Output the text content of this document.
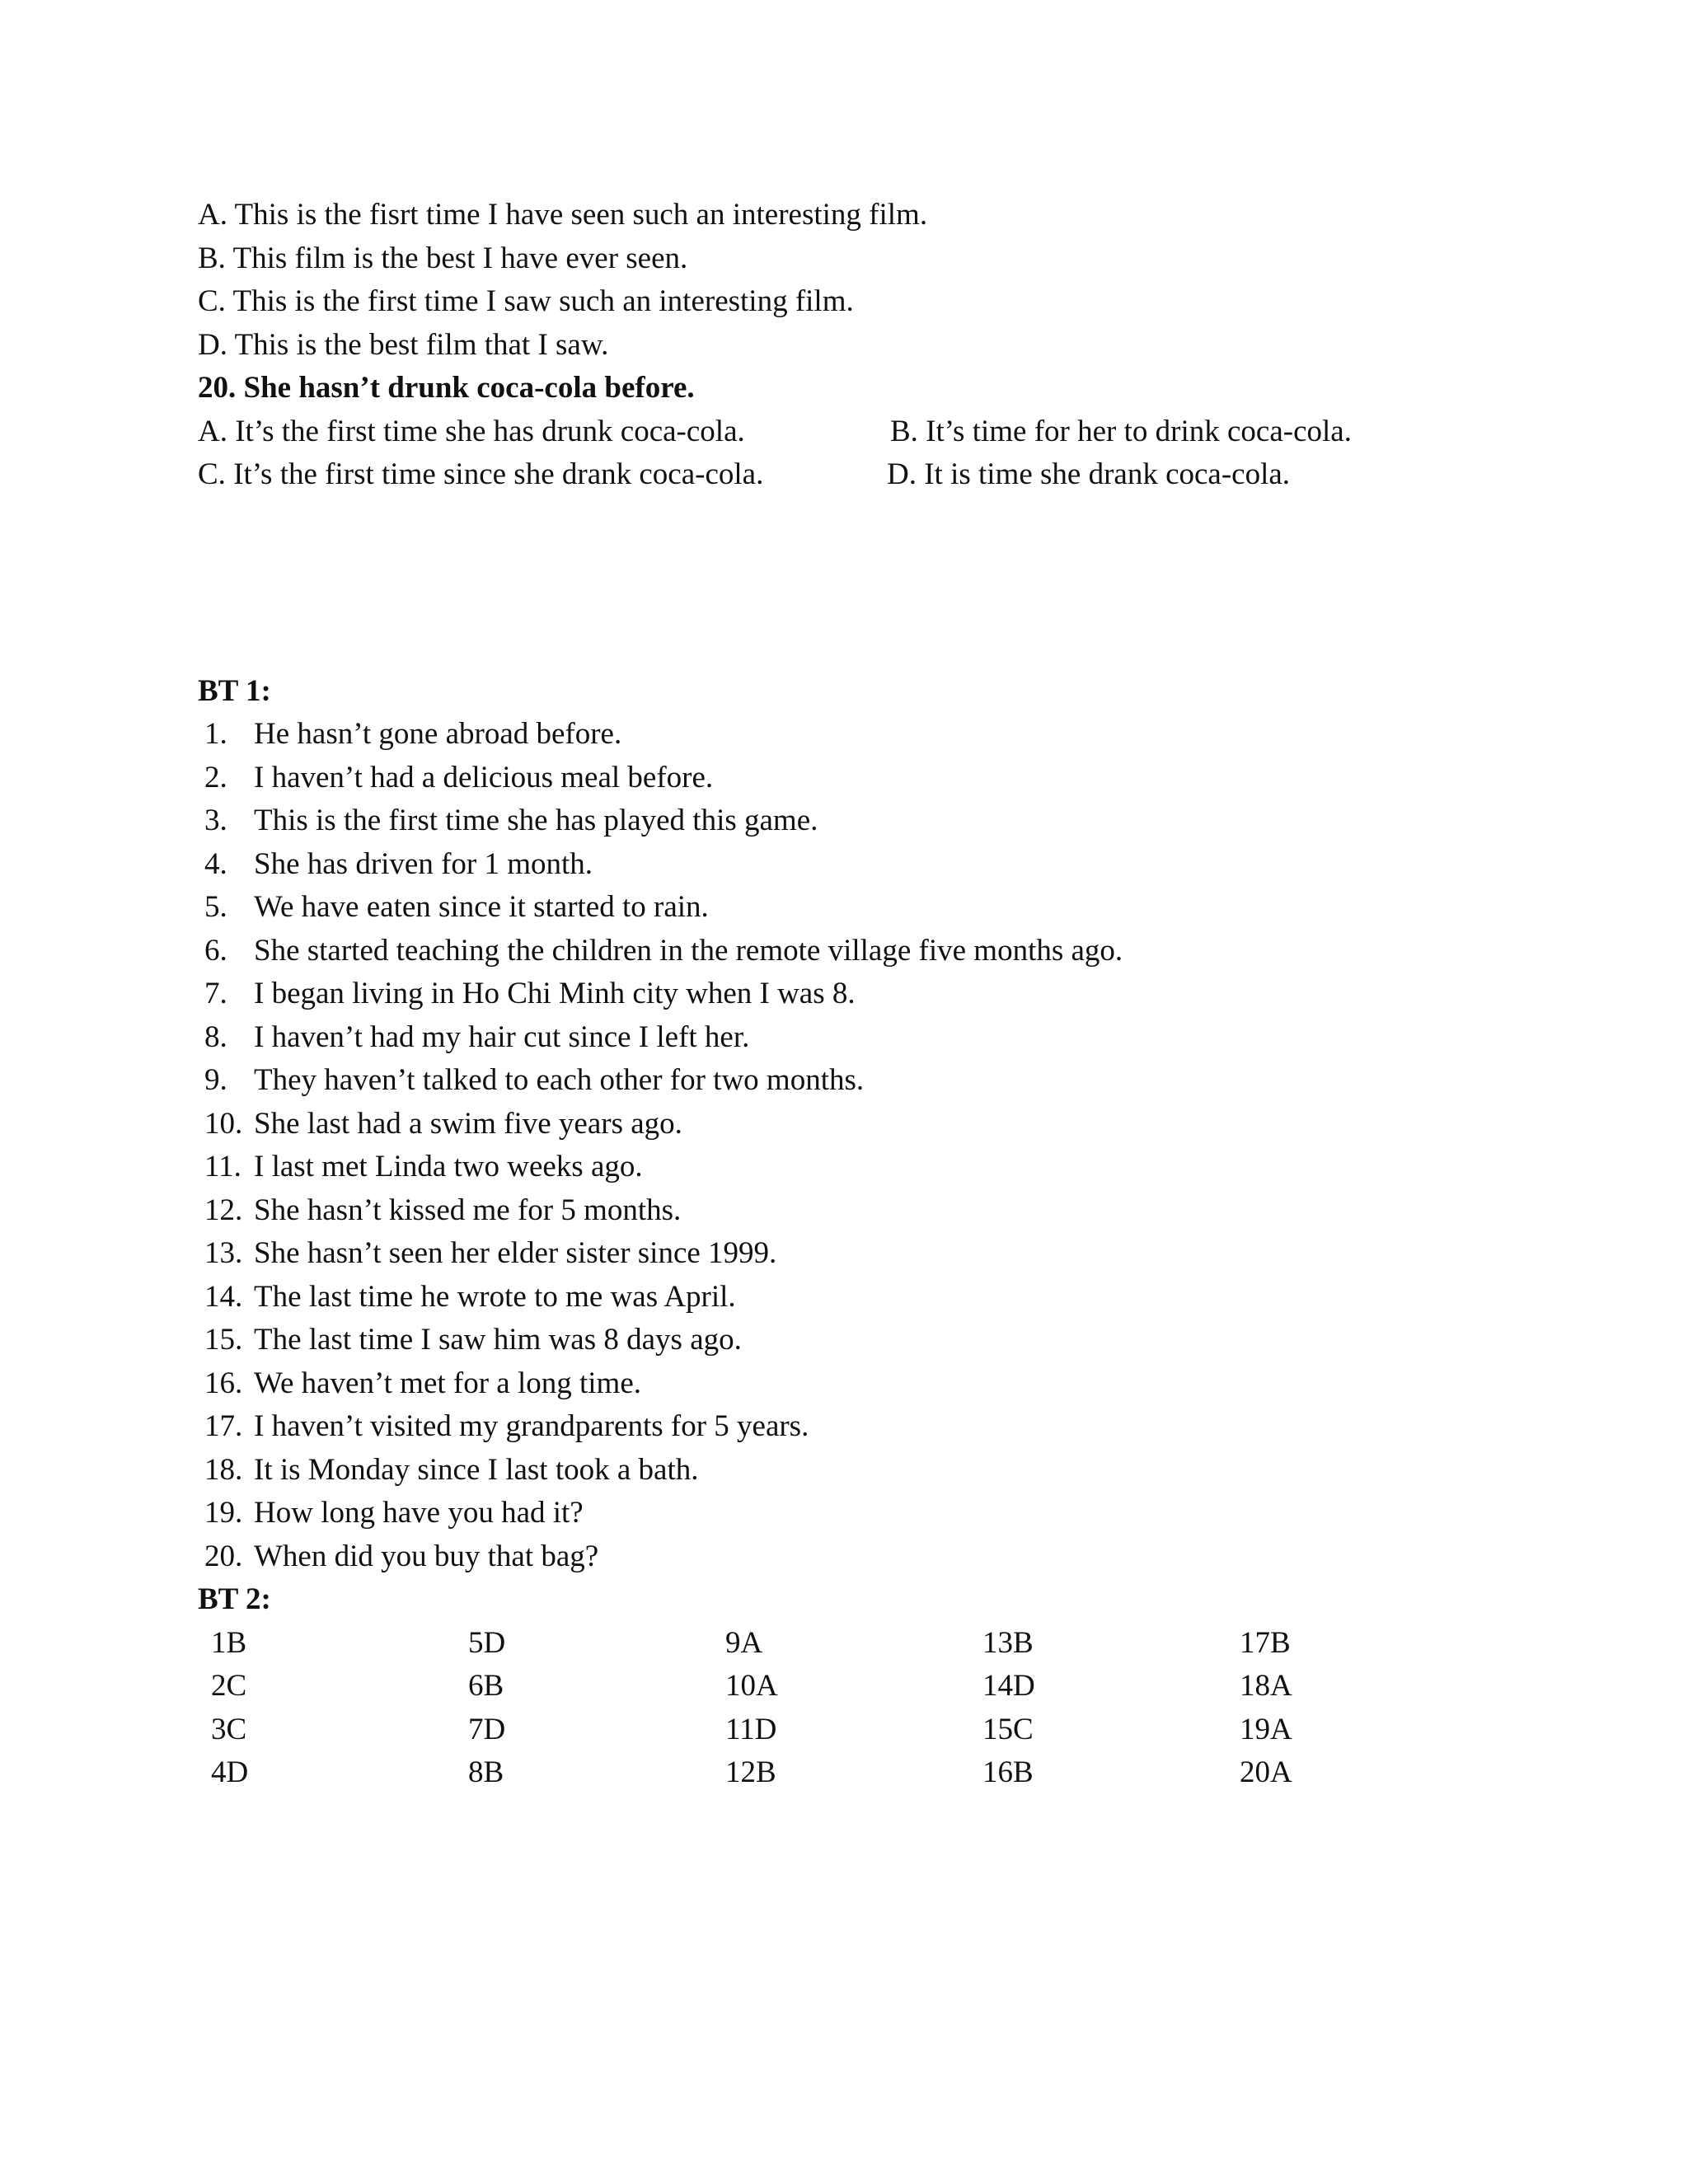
A. This is the fisrt time I have seen such an interesting film.
B. This film is the best I have ever seen.
C. This is the first time I saw such an interesting film.
D. This is the best film that I saw.
20. She hasn’t drunk coca-cola before.
A. It’s the first time she has drunk coca-cola.	B. It’s time for her to drink coca-cola.
C. It’s the first time since she drank coca-cola.	D. It is time she drank coca-cola.
BT 1:
1. He hasn’t gone abroad before.
2. I haven’t had a delicious meal before.
3. This is the first time she has played this game.
4. She has driven for 1 month.
5. We have eaten since it started to rain.
6. She started teaching the children in the remote village five months ago.
7. I began living in Ho Chi Minh city when I was 8.
8. I haven’t had my hair cut since I left her.
9. They haven’t talked to each other for two months.
10. She last had a swim five years ago.
11. I last met Linda two weeks ago.
12. She hasn’t kissed me for 5 months.
13. She hasn’t seen her elder sister since 1999.
14. The last time he wrote to me was April.
15. The last time I saw him was 8 days ago.
16. We haven’t met for a long time.
17. I haven’t visited my grandparents for 5 years.
18. It is Monday since I last took a bath.
19. How long have you had it?
20. When did you buy that bag?
BT 2:
1B	5D	9A	13B	17B
2C	6B	10A	14D	18A
3C	7D	11D	15C	19A
4D	8B	12B	16B	20A
